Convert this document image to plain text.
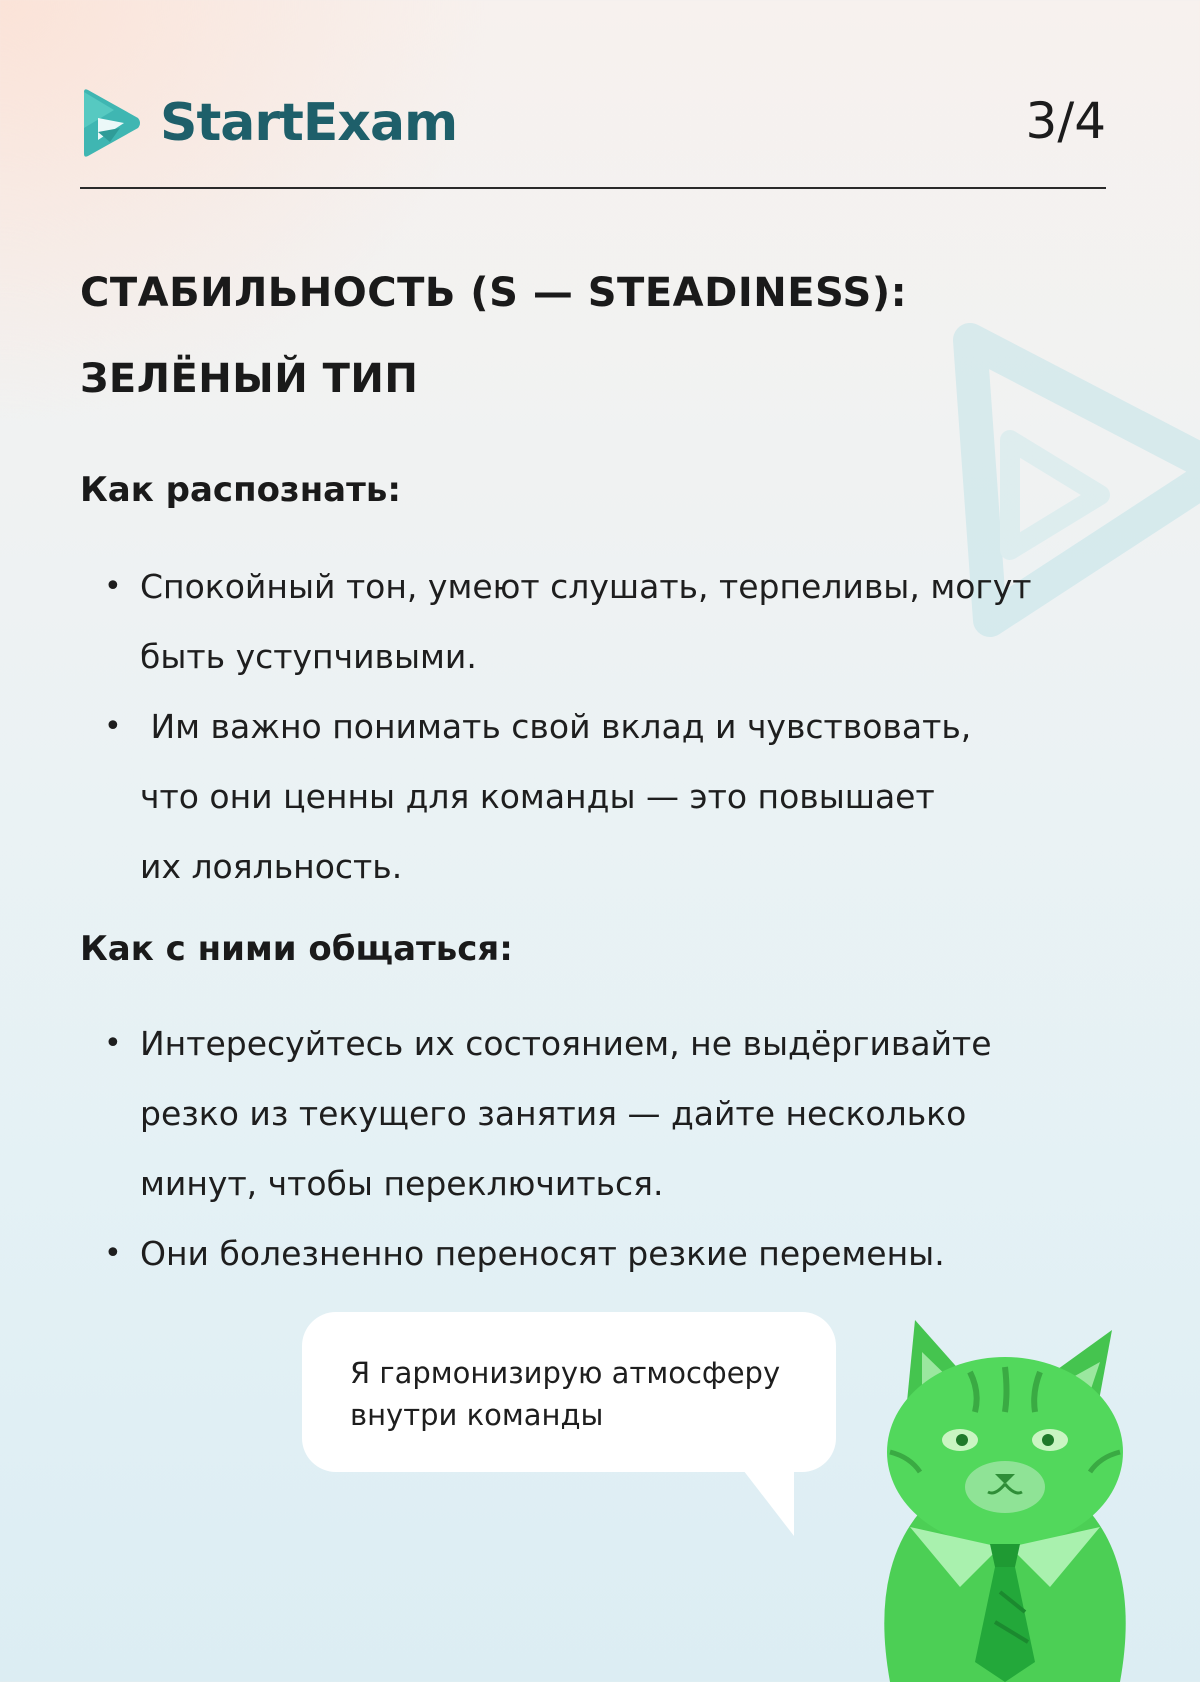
StartExam	3/4
СТАБИЛЬНОСТЬ (S — STEADINESS):
ЗЕЛЁНЫЙ ТИП
Как распознать:
• Спокойный тон, умеют слушать, терпеливы, могут
быть уступчивыми.
• Им важно понимать свой вклад и чувствовать,
что они ценны для команды — это повышает
их лояльность.
Как с ними общаться:
• Интересуйтесь их состоянием, не выдёргивайте
резко из текущего занятия — дайте несколько
минут, чтобы переключиться.
• Они болезненно переносят резкие перемены.
Я гармонизирую атмосферу
внутри команды
